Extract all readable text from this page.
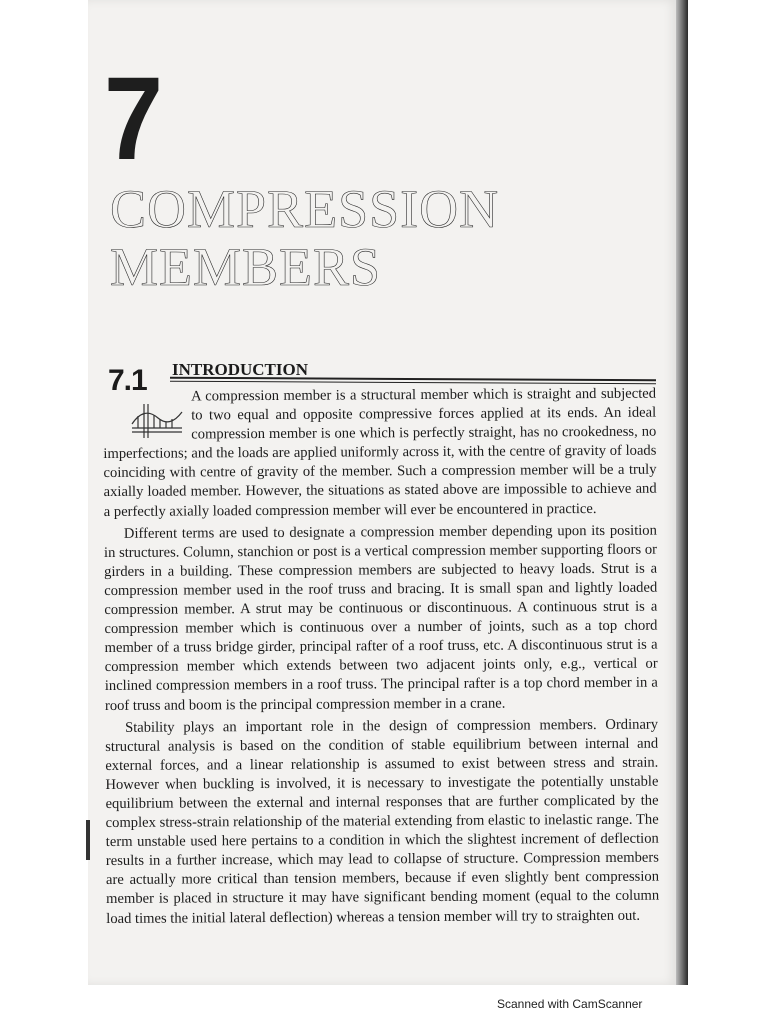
7
COMPRESSION
MEMBERS
7.1 INTRODUCTION

A compression member is a structural member which is straight and subjected to two equal and opposite compressive forces applied at its ends. An ideal compression member is one which is perfectly straight, has no crookedness, no imperfections; and the loads are applied uniformly across it, with the centre of gravity of loads coinciding with centre of gravity of the member. Such a compression member will be a truly axially loaded member. However, the situations as stated above are impossible to achieve and a perfectly axially loaded compression member will ever be encountered in practice.

Different terms are used to designate a compression member depending upon its position in structures. Column, stanchion or post is a vertical compression member supporting floors or girders in a building. These compression members are subjected to heavy loads. Strut is a compression member used in the roof truss and bracing. It is small span and lightly loaded compression member. A strut may be continuous or discontinuous. A continuous strut is a compression member which is continuous over a number of joints, such as a top chord member of a truss bridge girder, principal rafter of a roof truss, etc. A discontinuous strut is a compression member which extends between two adjacent joints only, e.g., vertical or inclined compression members in a roof truss. The principal rafter is a top chord member in a roof truss and boom is the principal compression member in a crane.

Stability plays an important role in the design of compression members. Ordinary structural analysis is based on the condition of stable equilibrium between internal and external forces, and a linear relationship is assumed to exist between stress and strain. However when buckling is involved, it is necessary to investigate the potentially unstable equilibrium between the external and internal responses that are further complicated by the complex stress-strain relationship of the material extending from elastic to inelastic range. The term unstable used here pertains to a condition in which the slightest increment of deflection results in a further increase, which may lead to collapse of structure. Compression members are actually more critical than tension members, because if even slightly bent compression member is placed in structure it may have significant bending moment (equal to the column load times the initial lateral deflection) whereas a tension member will try to straighten out.

Scanned with CamScanner
